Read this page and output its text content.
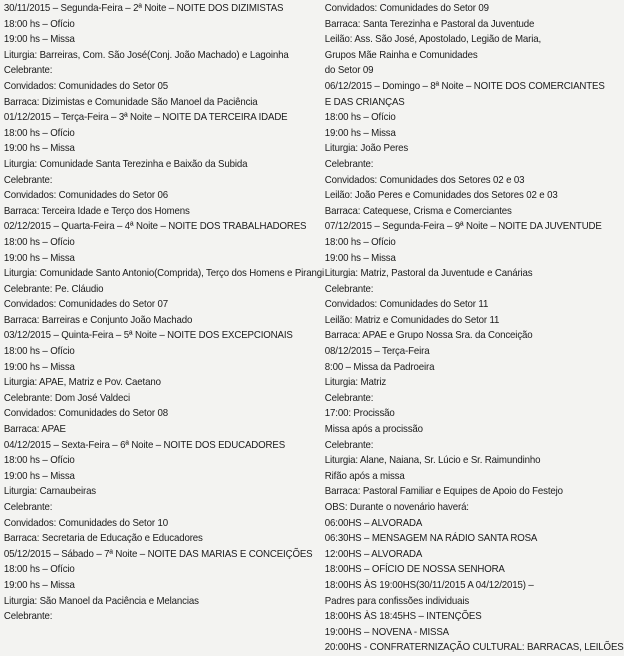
30/11/2015 – Segunda-Feira – 2ª Noite – NOITE DOS DIZIMISTAS
18:00 hs – Ofício
19:00 hs – Missa
Liturgia: Barreiras, Com. São José(Conj. João Machado) e Lagoinha
Celebrante:
Convidados: Comunidades do Setor 05
Barraca: Dizimistas e Comunidade São Manoel da Paciência
01/12/2015 – Terça-Feira – 3ª Noite – NOITE DA TERCEIRA IDADE
18:00 hs – Ofício
19:00 hs – Missa
Liturgia: Comunidade Santa Terezinha e Baixão da Subida
Celebrante:
Convidados: Comunidades do Setor 06
Barraca: Terceira Idade e Terço dos Homens
02/12/2015 – Quarta-Feira – 4ª Noite – NOITE DOS TRABALHADORES
18:00 hs – Ofício
19:00 hs – Missa
Liturgia: Comunidade Santo Antonio(Comprida), Terço dos Homens e Pirangi
Celebrante: Pe. Cláudio
Convidados: Comunidades do Setor 07
Barraca: Barreiras e Conjunto João Machado
03/12/2015 – Quinta-Feira – 5ª Noite – NOITE DOS EXCEPCIONAIS
18:00 hs – Ofício
19:00 hs – Missa
Liturgia: APAE, Matriz e Pov. Caetano
Celebrante: Dom José Valdeci
Convidados: Comunidades do Setor 08
Barraca: APAE
04/12/2015 – Sexta-Feira – 6ª Noite – NOITE DOS EDUCADORES
18:00 hs – Ofício
19:00 hs – Missa
Liturgia: Carnaubeiras
Celebrante:
Convidados: Comunidades do Setor 10
Barraca: Secretaria de Educação e Educadores
05/12/2015 – Sábado – 7ª Noite – NOITE DAS MARIAS E CONCEIÇÕES
18:00 hs – Ofício
19:00 hs – Missa
Liturgia: São Manoel da Paciência e Melancias
Celebrante:
Convidados: Comunidades do Setor 09
Barraca: Santa Terezinha e Pastoral da Juventude
Leilão: Ass. São José, Apostolado, Legião de Maria,
Grupos Mãe Rainha e Comunidades
do Setor 09
06/12/2015 – Domingo – 8ª Noite – NOITE DOS COMERCIANTES
E DAS CRIANÇAS
18:00 hs – Ofício
19:00 hs – Missa
Liturgia: João Peres
Celebrante:
Convidados: Comunidades dos Setores 02 e 03
Leilão: João Peres e Comunidades dos Setores 02 e 03
Barraca: Catequese, Crisma e Comerciantes
07/12/2015 – Segunda-Feira – 9ª Noite – NOITE DA JUVENTUDE
18:00 hs – Ofício
19:00 hs – Missa
Liturgia: Matriz, Pastoral da Juventude e Canárias
Celebrante:
Convidados: Comunidades do Setor 11
Leilão: Matriz e Comunidades do Setor 11
Barraca: APAE e Grupo Nossa Sra. da Conceição
08/12/2015 – Terça-Feira
8:00 – Missa da Padroeira
Liturgia: Matriz
Celebrante:
17:00: Procissão
Missa após a procissão
Celebrante:
Liturgia: Alane, Naiana, Sr. Lúcio e Sr. Raimundinho
Rifão após a missa
Barraca: Pastoral Familiar e Equipes de Apoio do Festejo
OBS: Durante o novenário haverá:
06:00HS – ALVORADA
06:30HS – MENSAGEM NA RÁDIO SANTA ROSA
12:00HS – ALVORADA
18:00HS – OFÍCIO DE NOSSA SENHORA
18:00HS ÀS 19:00HS(30/11/2015 A 04/12/2015) –
Padres para confissões individuais
18:00HS ÀS 18:45HS – INTENÇÕES
19:00HS – NOVENA - MISSA
20:00HS - CONFRATERNIZAÇÃO CULTURAL: BARRACAS, LEILÕES
